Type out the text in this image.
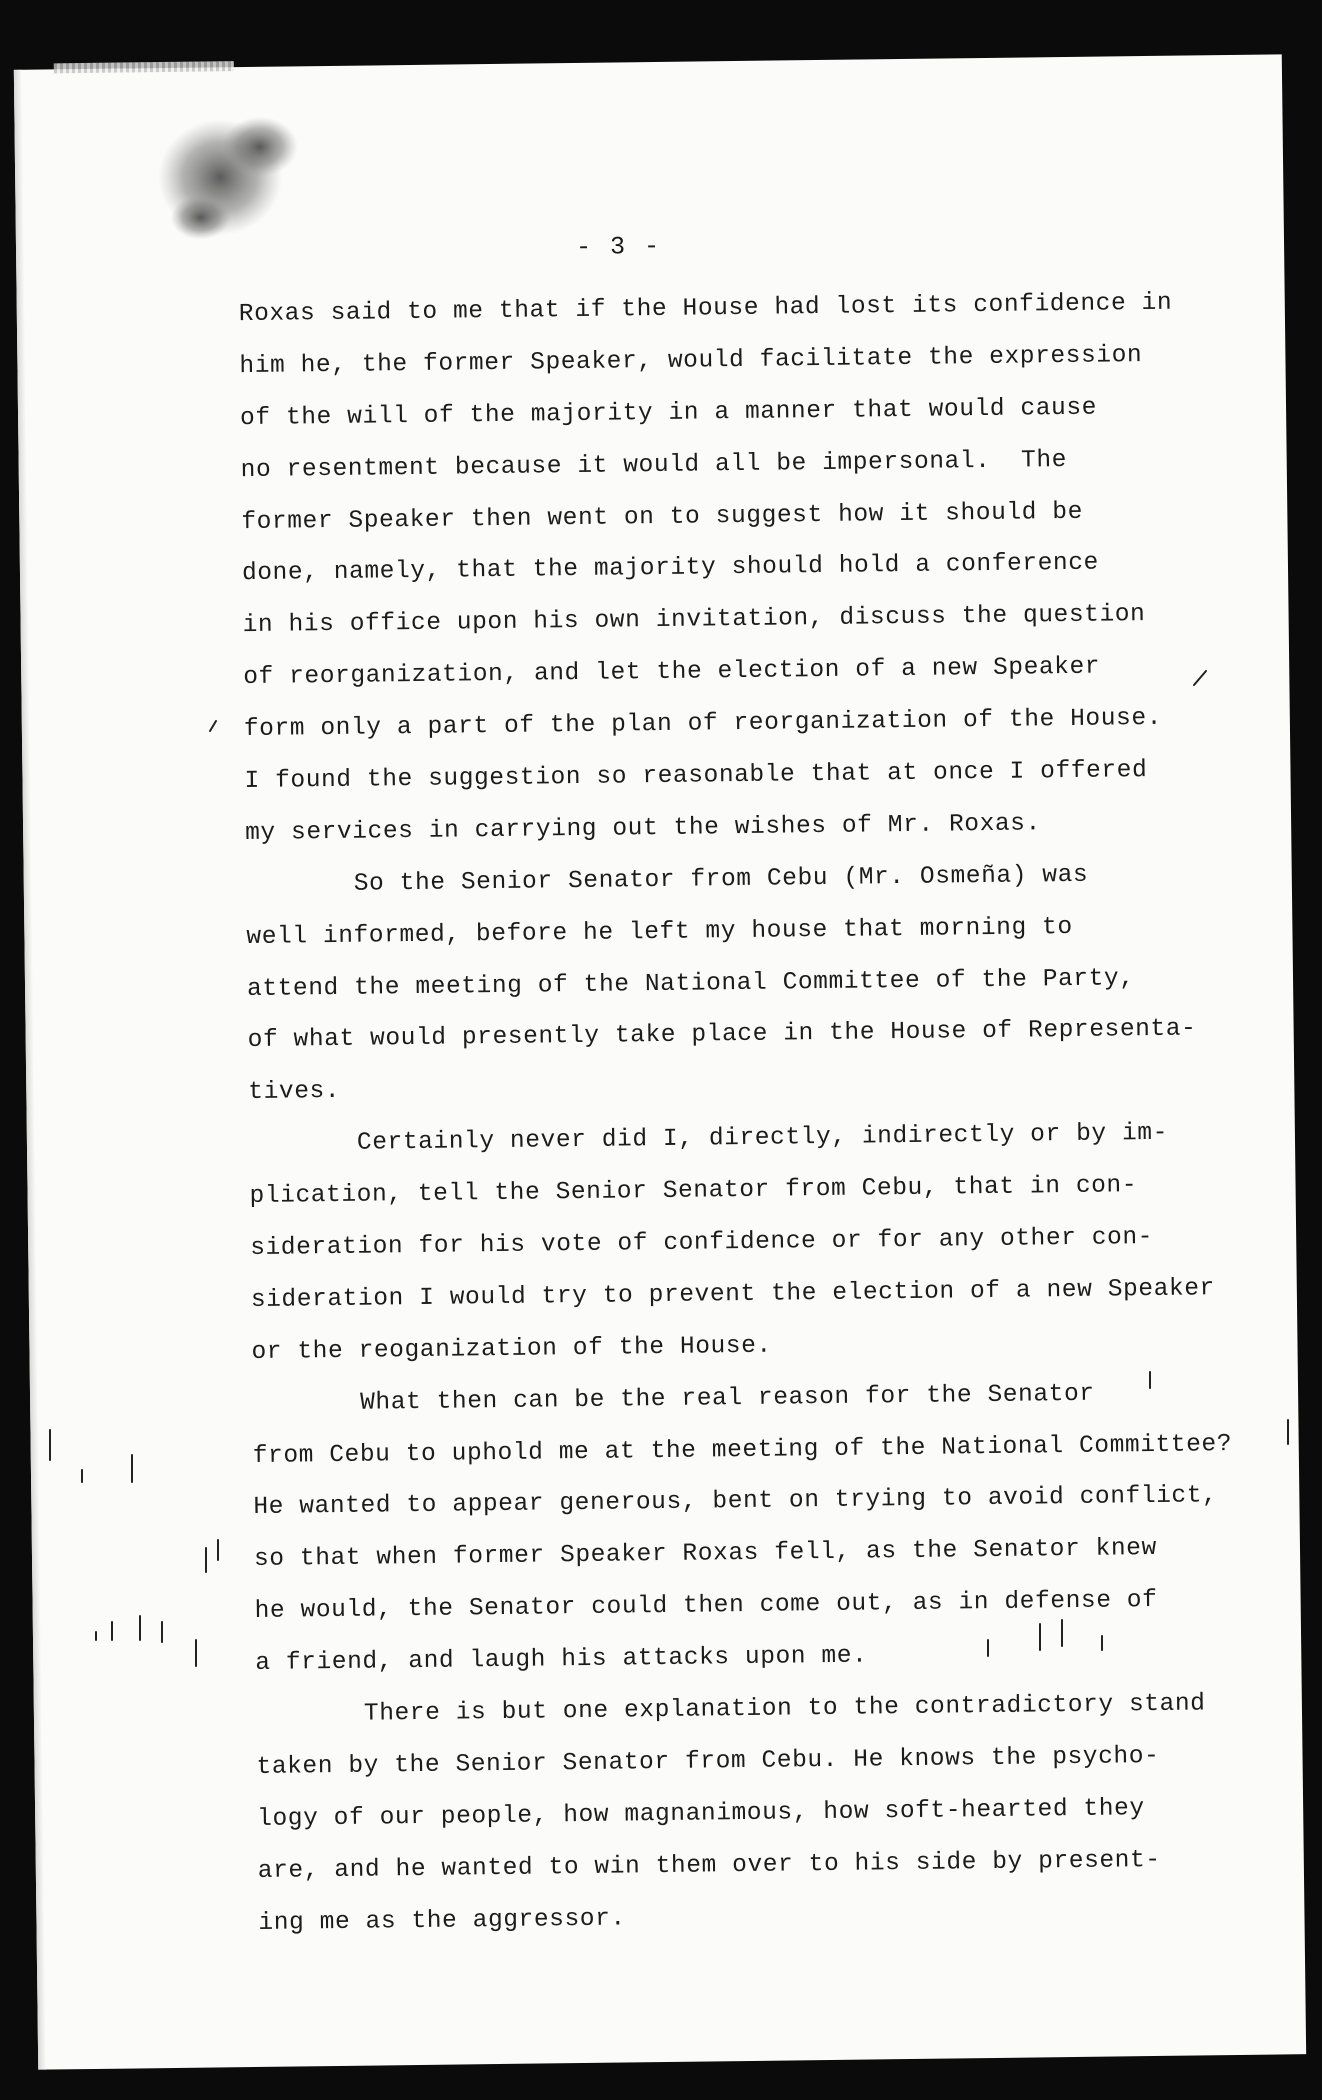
- 3 -
Roxas said to me that if the House had lost its confidence in
him he, the former Speaker, would facilitate the expression
of the will of the majority in a manner that would cause
no resentment because it would all be impersonal.  The
former Speaker then went on to suggest how it should be
done, namely, that the majority should hold a conference
in his office upon his own invitation, discuss the question
of reorganization, and let the election of a new Speaker
form only a part of the plan of reorganization of the House.
I found the suggestion so reasonable that at once I offered
my services in carrying out the wishes of Mr. Roxas.
So the Senior Senator from Cebu (Mr. Osmeña) was
well informed, before he left my house that morning to
attend the meeting of the National Committee of the Party,
of what would presently take place in the House of Representa-
tives.
Certainly never did I, directly, indirectly or by im-
plication, tell the Senior Senator from Cebu, that in con-
sideration for his vote of confidence or for any other con-
sideration I would try to prevent the election of a new Speaker
or the reoganization of the House.
What then can be the real reason for the Senator
from Cebu to uphold me at the meeting of the National Committee?
He wanted to appear generous, bent on trying to avoid conflict,
so that when former Speaker Roxas fell, as the Senator knew
he would, the Senator could then come out, as in defense of
a friend, and laugh his attacks upon me.
There is but one explanation to the contradictory stand
taken by the Senior Senator from Cebu. He knows the psycho-
logy of our people, how magnanimous, how soft-hearted they
are, and he wanted to win them over to his side by present-
ing me as the aggressor.
